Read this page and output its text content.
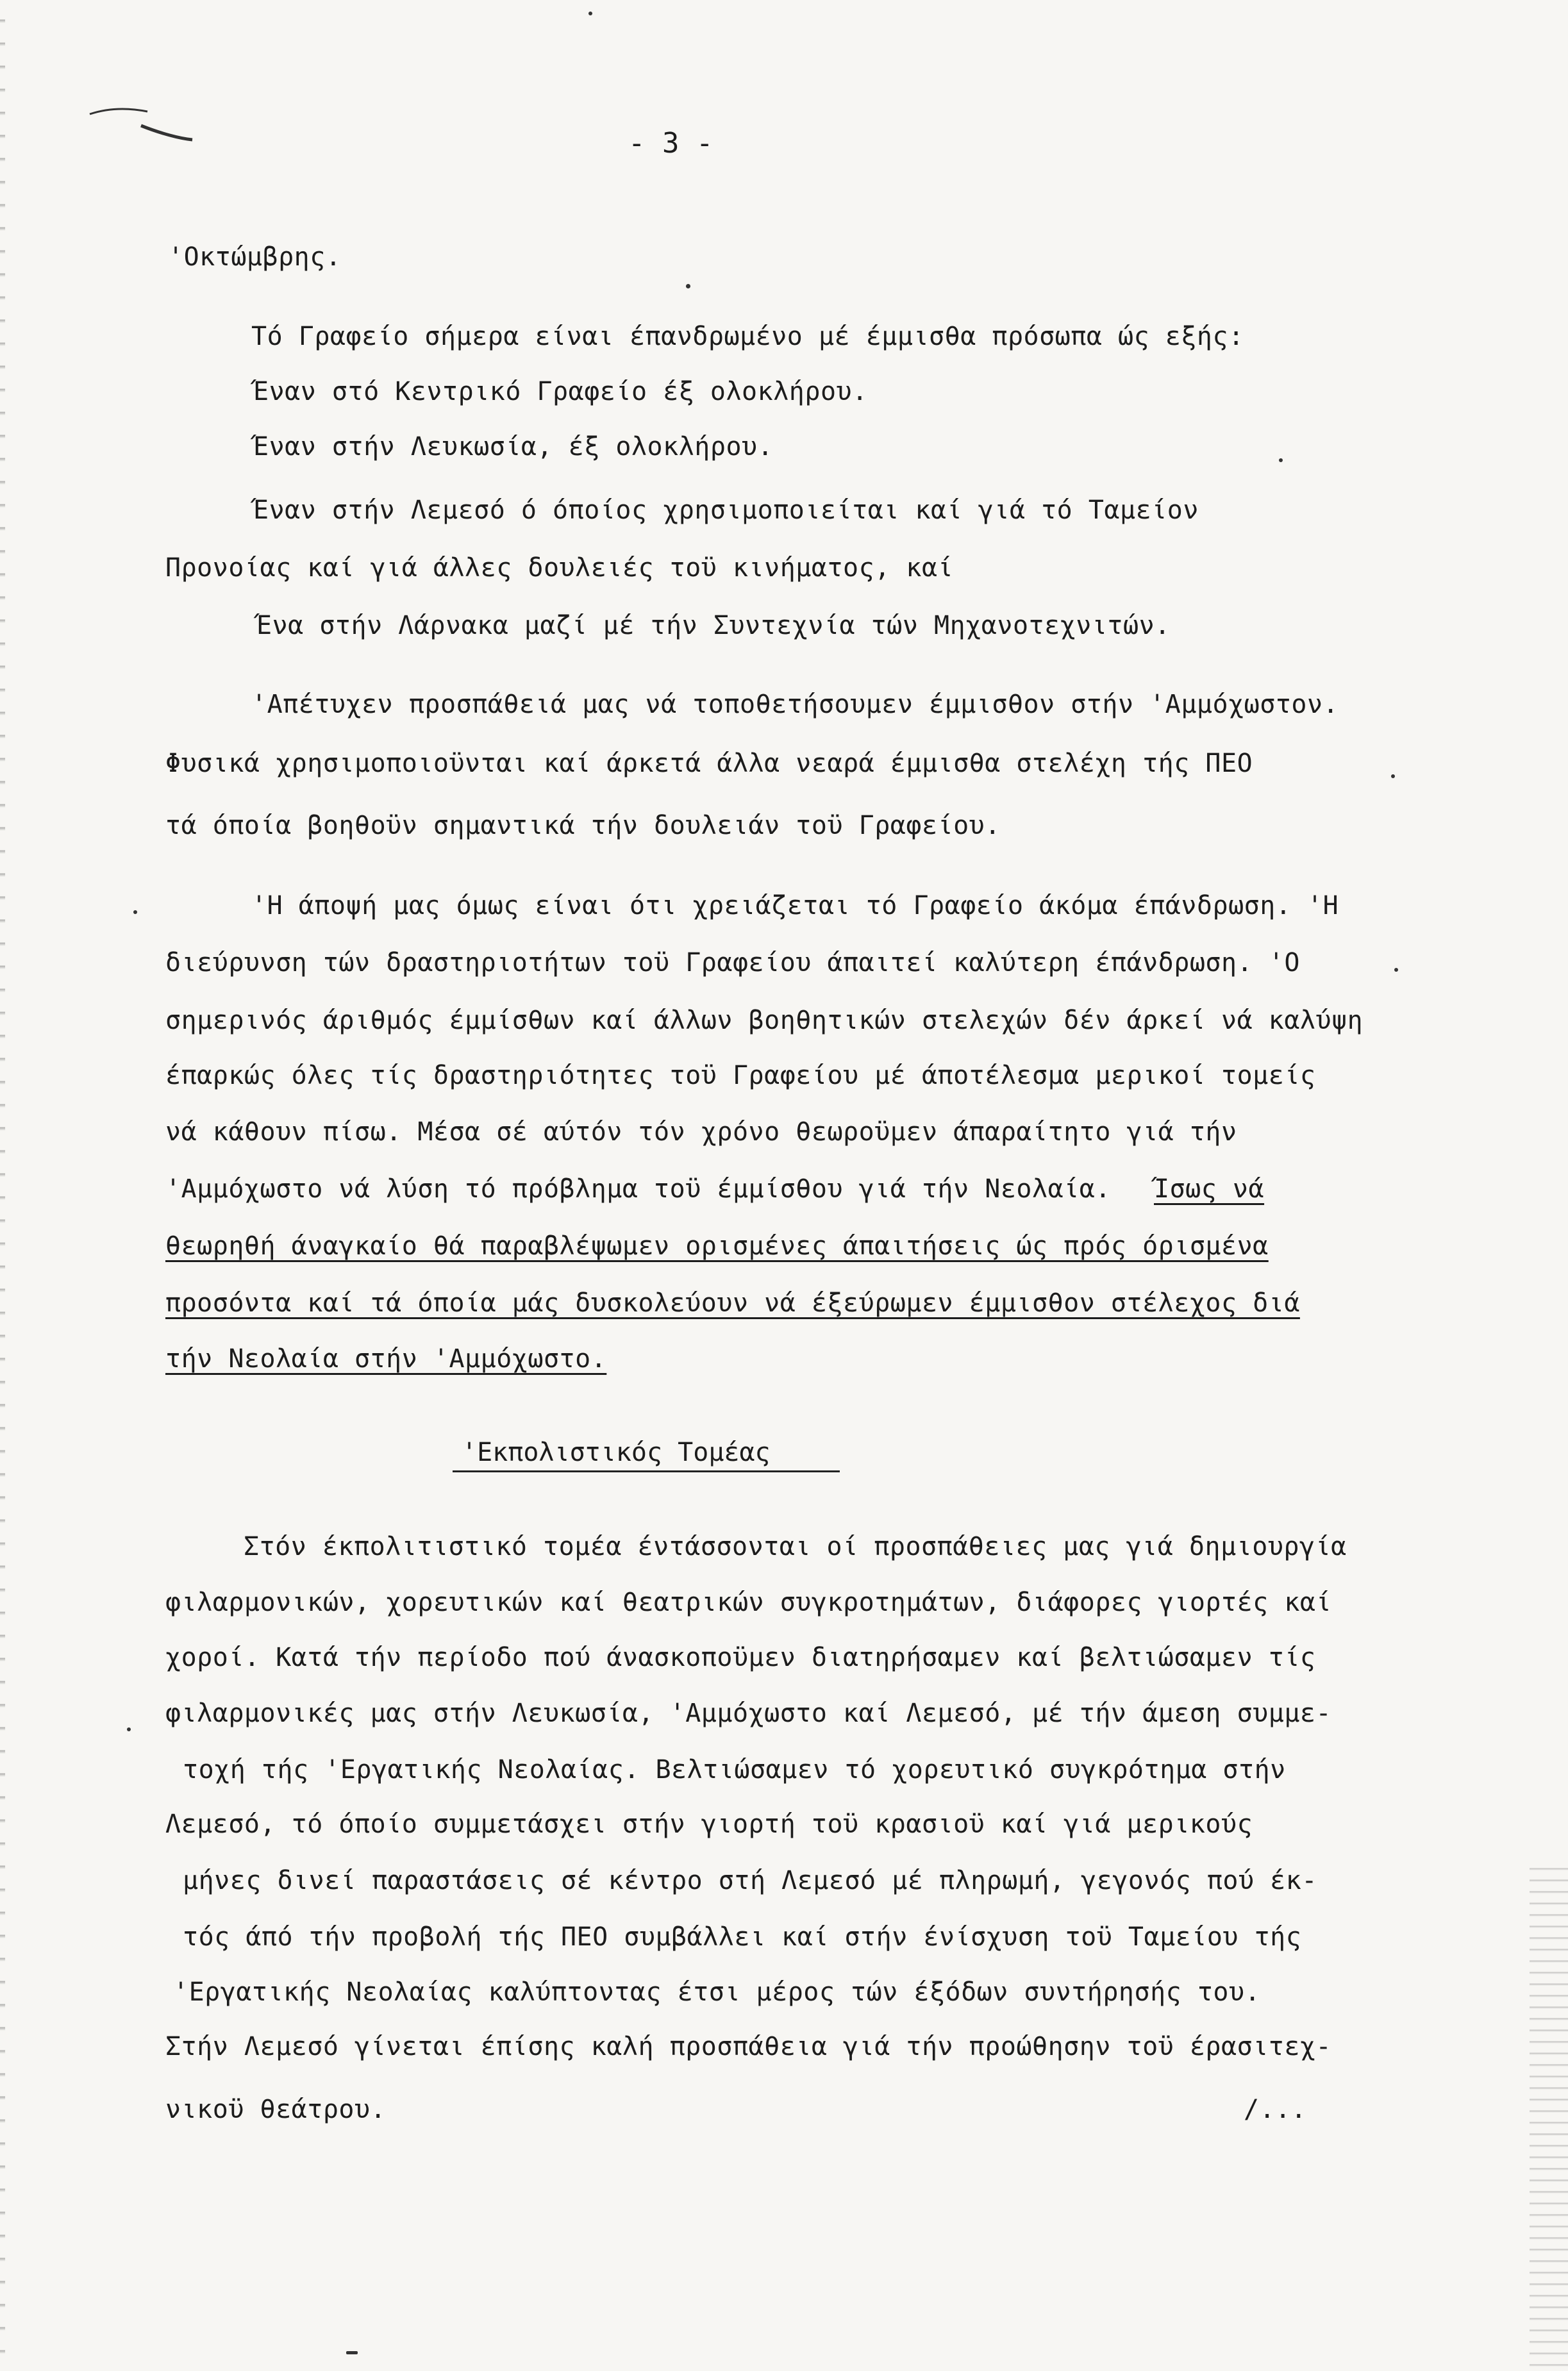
- 3 -
'Οκτώμβρης.
Τό Γραφείο σήμερα είναι έπανδρωμένο μέ έμμισθα πρόσωπα ώς εξής:
Έναν στό Κεντρικό Γραφείο έξ ολοκλήρου.
Έναν στήν Λευκωσία, έξ ολοκλήρου.
Έναν στήν Λεμεσό ό όποίος χρησιμοποιείται καί γιά τό Ταμείον
Προνοίας καί γιά άλλες δουλειές τοϋ κινήματος, καί
Ένα στήν Λάρνακα μαζί μέ τήν Συντεχνία τών Μηχανοτεχνιτών.
'Απέτυχεν προσπάθειά μας νά τοποθετήσουμεν έμμισθον στήν 'Αμμόχωστον.
Φυσικά χρησιμοποιοϋνται καί άρκετά άλλα νεαρά έμμισθα στελέχη τής ΠΕΟ
τά όποία βοηθοϋν σημαντικά τήν δουλειάν τοϋ Γραφείου.
'Η άποψή μας όμως είναι ότι χρειάζεται τό Γραφείο άκόμα έπάνδρωση. 'Η
διεύρυνση τών δραστηριοτήτων τοϋ Γραφείου άπαιτεί καλύτερη έπάνδρωση. 'Ο
σημερινός άριθμός έμμίσθων καί άλλων βοηθητικών στελεχών δέν άρκεί νά καλύψη
έπαρκώς όλες τίς δραστηριότητες τοϋ Γραφείου μέ άποτέλεσμα μερικοί τομείς
νά κάθουν πίσω. Μέσα σέ αύτόν τόν χρόνο θεωροϋμεν άπαραίτητο γιά τήν
'Αμμόχωστο νά λύση τό πρόβλημα τοϋ έμμίσθου γιά τήν Νεολαία. Ίσως νά
θεωρηθή άναγκαίο θά παραβλέψωμεν ορισμένες άπαιτήσεις ώς πρός όρισμένα
προσόντα καί τά όποία μάς δυσκολεύουν νά έξεύρωμεν έμμισθον στέλεχος διά
τήν Νεολαία στήν 'Αμμόχωστο.
'Εκπολιστικός Τομέας
Στόν έκπολιτιστικό τομέα έντάσσονται οί προσπάθειες μας γιά δημιουργία
φιλαρμονικών, χορευτικών καί θεατρικών συγκροτημάτων, διάφορες γιορτές καί
χοροί. Κατά τήν περίοδο πού άνασκοποϋμεν διατηρήσαμεν καί βελτιώσαμεν τίς
φιλαρμονικές μας στήν Λευκωσία, 'Αμμόχωστο καί Λεμεσό, μέ τήν άμεση συμμε-
τοχή τής 'Εργατικής Νεολαίας. Βελτιώσαμεν τό χορευτικό συγκρότημα στήν
Λεμεσό, τό όποίο συμμετάσχει στήν γιορτή τοϋ κρασιοϋ καί γιά μερικούς
μήνες δινεί παραστάσεις σέ κέντρο στή Λεμεσό μέ πληρωμή, γεγονός πού έκ-
τός άπό τήν προβολή τής ΠΕΟ συμβάλλει καί στήν ένίσχυση τοϋ Ταμείου τής
'Εργατικής Νεολαίας καλύπτοντας έτσι μέρος τών έξόδων συντήρησής του.
Στήν Λεμεσό γίνεται έπίσης καλή προσπάθεια γιά τήν προώθησην τοϋ έρασιτεχ-
νικοϋ θεάτρου.	/...
